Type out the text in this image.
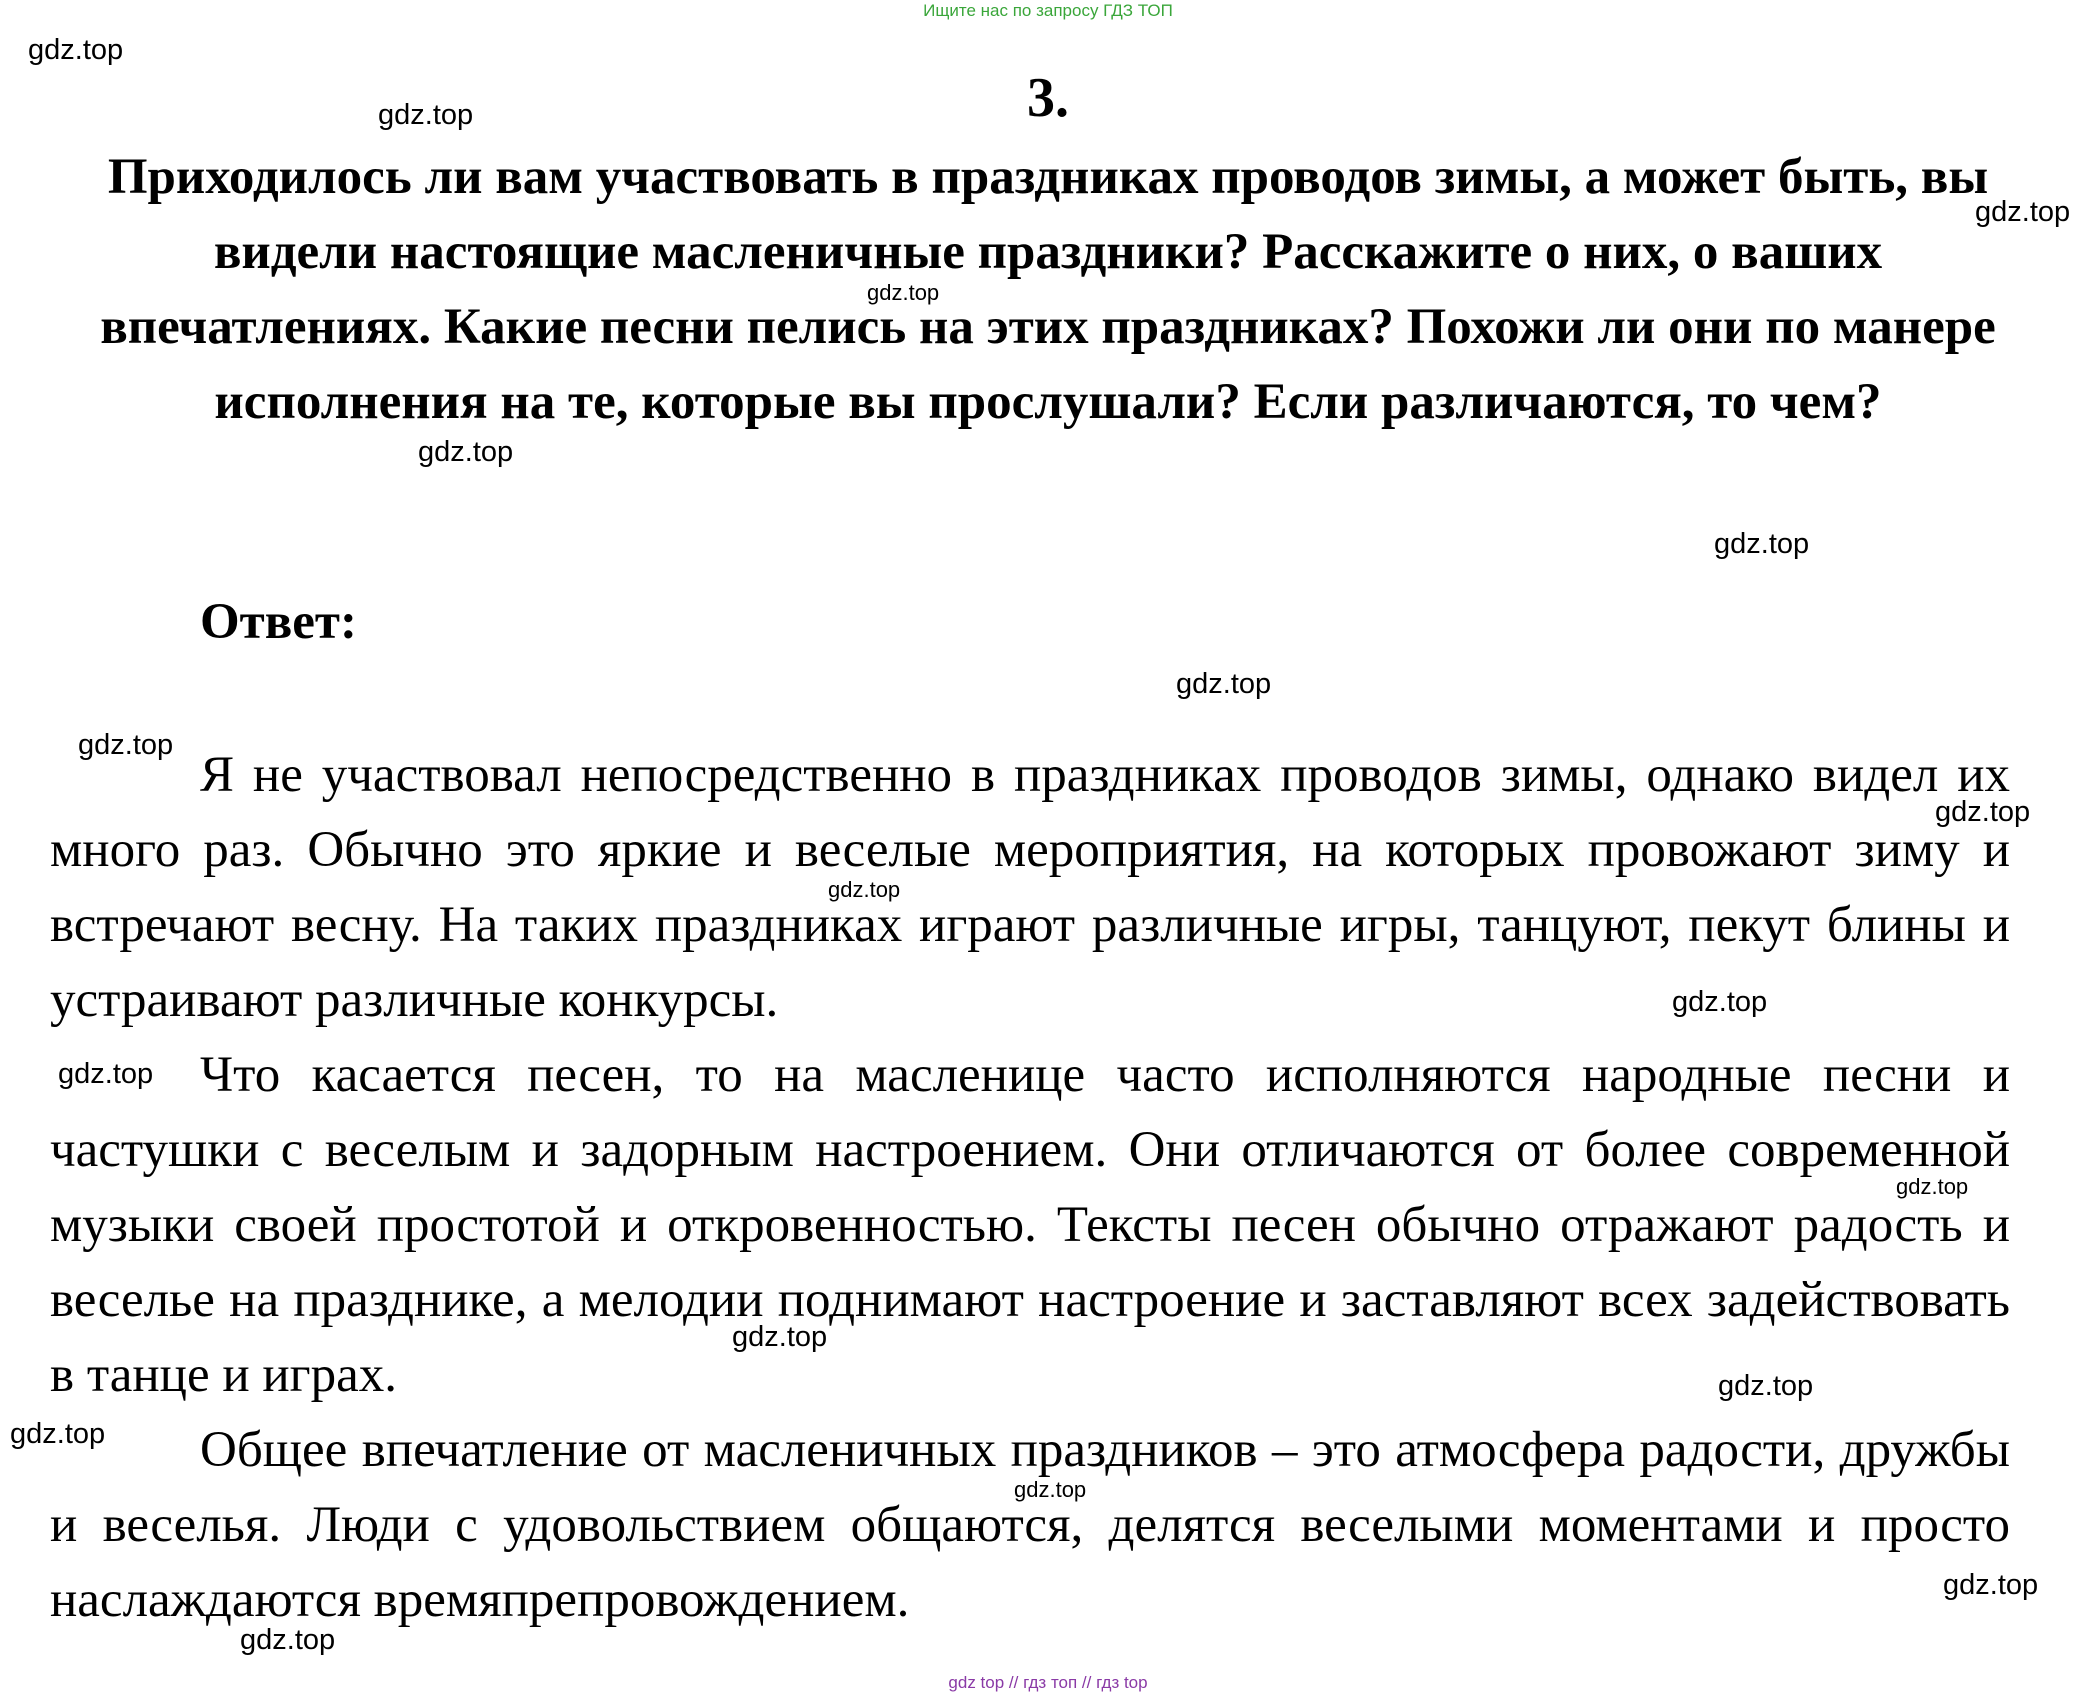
Ищите нас по запросу ГДЗ ТОП
3.
Приходилось ли вам участвовать в праздниках проводов зимы, а может быть, вы видели настоящие масленичные праздники? Расскажите о них, о ваших впечатлениях. Какие песни пелись на этих праздниках? Похожи ли они по манере исполнения на те, которые вы прослушали? Если различаются, то чем?
Ответ:
Я не участвовал непосредственно в праздниках проводов зимы, однако видел их много раз. Обычно это яркие и веселые мероприятия, на которых провожают зиму и встречают весну. На таких праздниках играют различные игры, танцуют, пекут блины и устраивают различные конкурсы.
Что касается песен, то на масленице часто исполняются народные песни и частушки с веселым и задорным настроением. Они отличаются от более современной музыки своей простотой и откровенностью. Тексты песен обычно отражают радость и веселье на празднике, а мелодии поднимают настроение и заставляют всех задействовать в танце и играх.
Общее впечатление от масленичных праздников – это атмосфера радости, дружбы и веселья. Люди с удовольствием общаются, делятся веселыми моментами и просто наслаждаются времяпрепровождением.
gdz.top
gdz.top
gdz.top
gdz.top
gdz.top
gdz.top
gdz.top
gdz.top
gdz.top
gdz.top
gdz.top
gdz.top
gdz.top
gdz.top
gdz.top
gdz.top
gdz.top
gdz.top
gdz.top
gdz top // гдз топ // гдз top
